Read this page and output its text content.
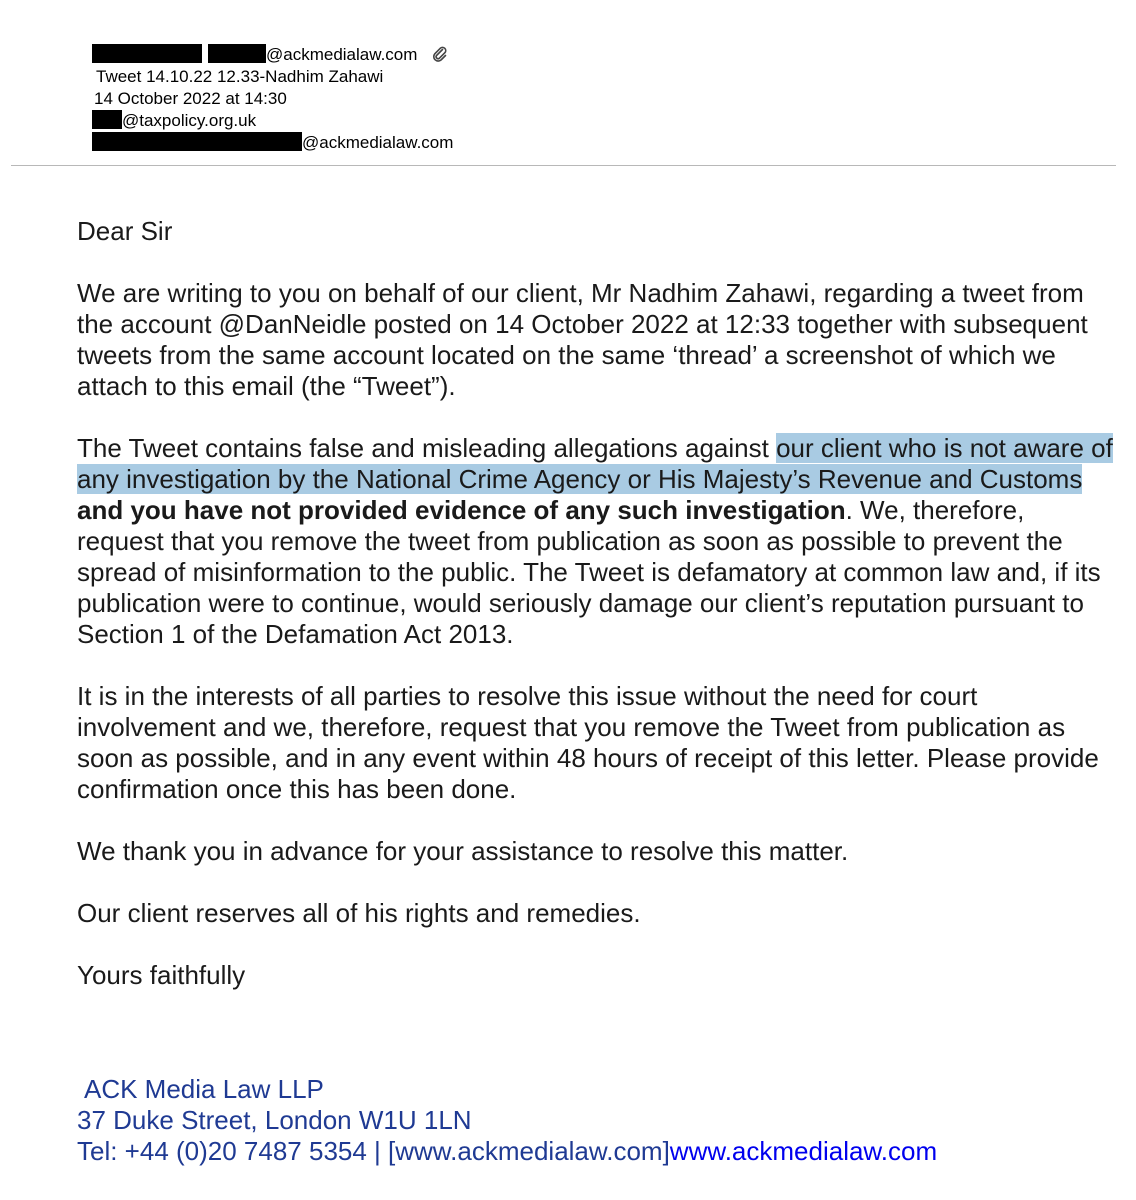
@ackmedialaw.com
Tweet 14.10.22 12.33-Nadhim Zahawi
14 October 2022 at 14:30
@taxpolicy.org.uk
@ackmedialaw.com

Dear Sir

We are writing to you on behalf of our client, Mr Nadhim Zahawi, regarding a tweet from the account @DanNeidle posted on 14 October 2022 at 12:33 together with subsequent tweets from the same account located on the same ‘thread’ a screenshot of which we attach to this email (the “Tweet”).

The Tweet contains false and misleading allegations against our client who is not aware of any investigation by the National Crime Agency or His Majesty’s Revenue and Customs and you have not provided evidence of any such investigation. We, therefore, request that you remove the tweet from publication as soon as possible to prevent the spread of misinformation to the public. The Tweet is defamatory at common law and, if its publication were to continue, would seriously damage our client’s reputation pursuant to Section 1 of the Defamation Act 2013.

It is in the interests of all parties to resolve this issue without the need for court involvement and we, therefore, request that you remove the Tweet from publication as soon as possible, and in any event within 48 hours of receipt of this letter. Please provide confirmation once this has been done.

We thank you in advance for your assistance to resolve this matter.

Our client reserves all of his rights and remedies.

Yours faithfully

ACK Media Law LLP
37 Duke Street, London W1U 1LN
Tel: +44 (0)20 7487 5354 | [www.ackmedialaw.com]www.ackmedialaw.com
